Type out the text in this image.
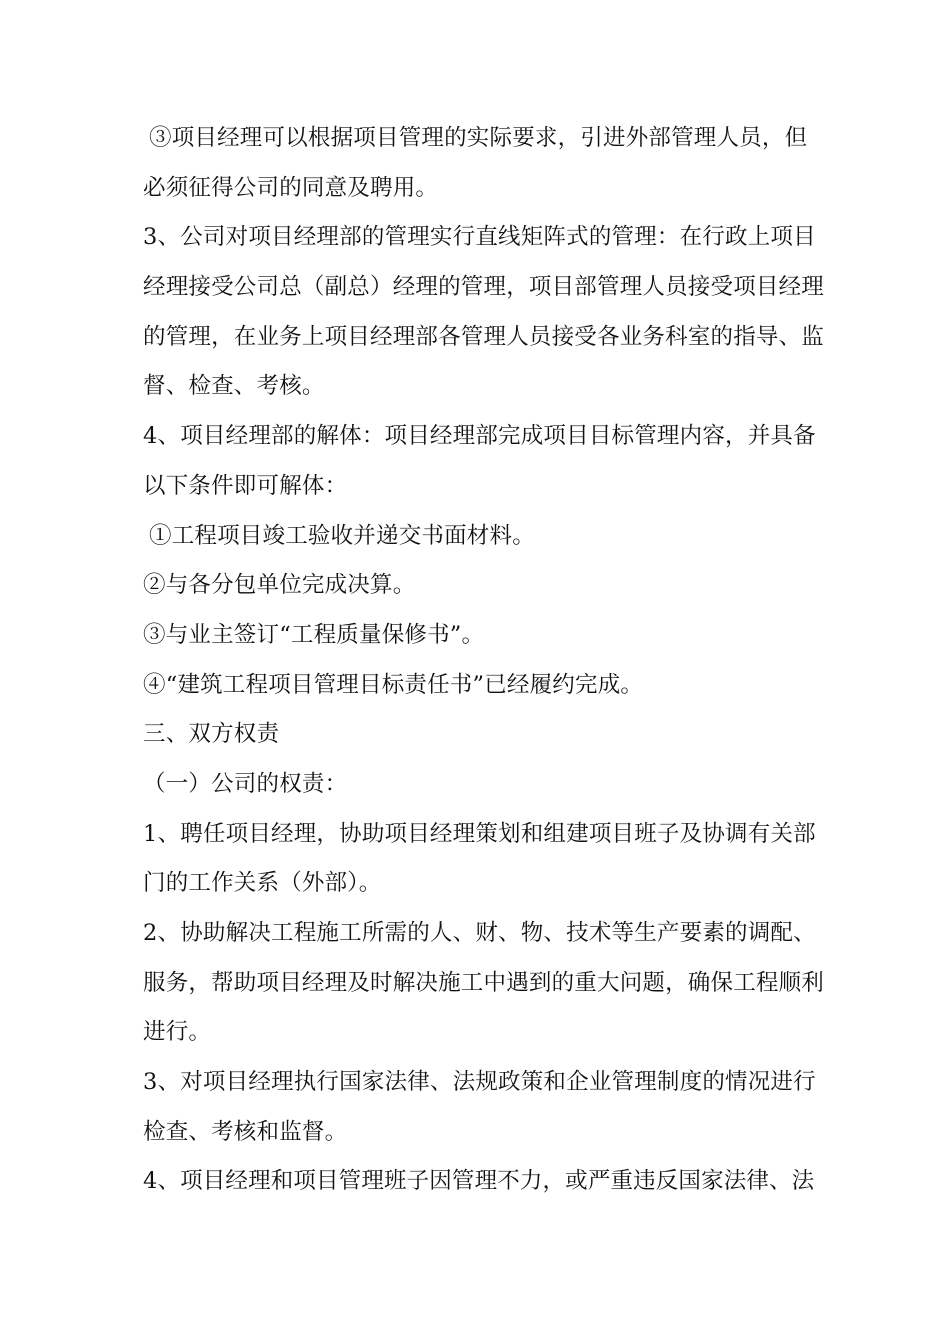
③项目经理可以根据项目管理的实际要求，引进外部管理人员，但
必须征得公司的同意及聘用。
3、公司对项目经理部的管理实行直线矩阵式的管理：在行政上项目
经理接受公司总（副总）经理的管理，项目部管理人员接受项目经理
的管理，在业务上项目经理部各管理人员接受各业务科室的指导、监
督、检查、考核。
4、项目经理部的解体：项目经理部完成项目目标管理内容，并具备
以下条件即可解体：
①工程项目竣工验收并递交书面材料。
②与各分包单位完成决算。
③与业主签订“工程质量保修书”。
④“建筑工程项目管理目标责任书”已经履约完成。
三、双方权责
（一）公司的权责：
1、聘任项目经理，协助项目经理策划和组建项目班子及协调有关部
门的工作关系（外部）。
2、协助解决工程施工所需的人、财、物、技术等生产要素的调配、
服务，帮助项目经理及时解决施工中遇到的重大问题，确保工程顺利
进行。
3、对项目经理执行国家法律、法规政策和企业管理制度的情况进行
检查、考核和监督。
4、项目经理和项目管理班子因管理不力，或严重违反国家法律、法
